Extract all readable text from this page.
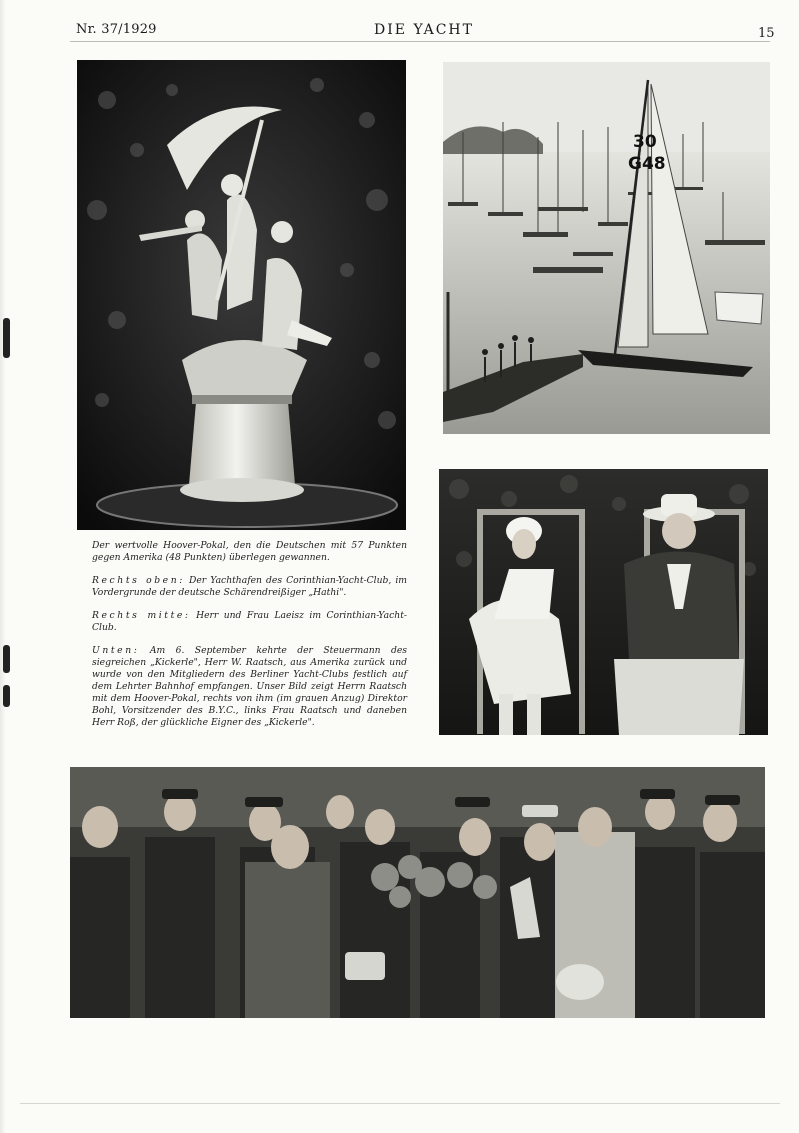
Nr. 37/1929	DIE YACHT	15
30
G48

Der wertvolle Hoover-Pokal, den die Deutschen mit 57 Punkten gegen Amerika (48 Punkten) überlegen gewannen.

Rechts oben: Der Yachthafen des Corinthian-Yacht-Club, im Vordergrunde der deutsche Schärendreißiger „Hathi".

Rechts mitte: Herr und Frau Laeisz im Corinthian-Yacht-Club.

Unten: Am 6. September kehrte der Steuermann des siegreichen „Kickerle", Herr W. Raatsch, aus Amerika zurück und wurde von den Mitgliedern des Berliner Yacht-Clubs festlich auf dem Lehrter Bahnhof empfangen. Unser Bild zeigt Herrn Raatsch mit dem Hoover-Pokal, rechts von ihm (im grauen Anzug) Direktor Bohl, Vorsitzender des B.Y.C., links Frau Raatsch und daneben Herr Roß, der glückliche Eigner des „Kickerle".
